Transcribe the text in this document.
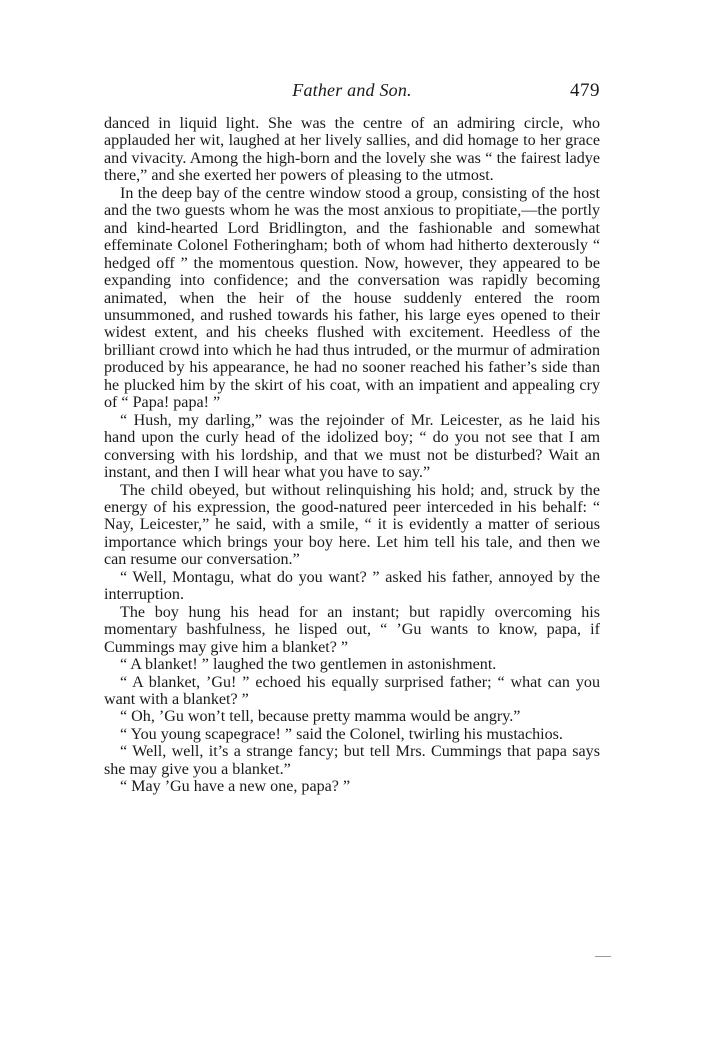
Father and Son.	479

danced in liquid light. She was the centre of an admiring circle, who applauded her wit, laughed at her lively sallies, and did homage to her grace and vivacity. Among the high-born and the lovely she was “ the fairest ladye there,” and she exerted her powers of pleasing to the utmost.

In the deep bay of the centre window stood a group, consisting of the host and the two guests whom he was the most anxious to propitiate,—the portly and kind-hearted Lord Bridlington, and the fashionable and somewhat effeminate Colonel Fotheringham; both of whom had hitherto dexterously “ hedged off ” the momentous question. Now, however, they appeared to be expanding into confidence; and the conversation was rapidly becoming animated, when the heir of the house suddenly entered the room unsummoned, and rushed towards his father, his large eyes opened to their widest extent, and his cheeks flushed with excitement. Heedless of the brilliant crowd into which he had thus intruded, or the murmur of admiration produced by his appearance, he had no sooner reached his father’s side than he plucked him by the skirt of his coat, with an impatient and appealing cry of “ Papa! papa! ”

“ Hush, my darling,” was the rejoinder of Mr. Leicester, as he laid his hand upon the curly head of the idolized boy; “ do you not see that I am conversing with his lordship, and that we must not be disturbed? Wait an instant, and then I will hear what you have to say.”

The child obeyed, but without relinquishing his hold; and, struck by the energy of his expression, the good-natured peer interceded in his behalf: “ Nay, Leicester,” he said, with a smile, “ it is evidently a matter of serious importance which brings your boy here. Let him tell his tale, and then we can resume our conversation.”

“ Well, Montagu, what do you want? ” asked his father, annoyed by the interruption.

The boy hung his head for an instant; but rapidly overcoming his momentary bashfulness, he lisped out, “ ’Gu wants to know, papa, if Cummings may give him a blanket? ”

“ A blanket! ” laughed the two gentlemen in astonishment.

“ A blanket, ’Gu! ” echoed his equally surprised father; “ what can you want with a blanket? ”

“ Oh, ’Gu won’t tell, because pretty mamma would be angry.”

“ You young scapegrace! ” said the Colonel, twirling his mustachios.

“ Well, well, it’s a strange fancy; but tell Mrs. Cummings that papa says she may give you a blanket.”

“ May ’Gu have a new one, papa? ”
